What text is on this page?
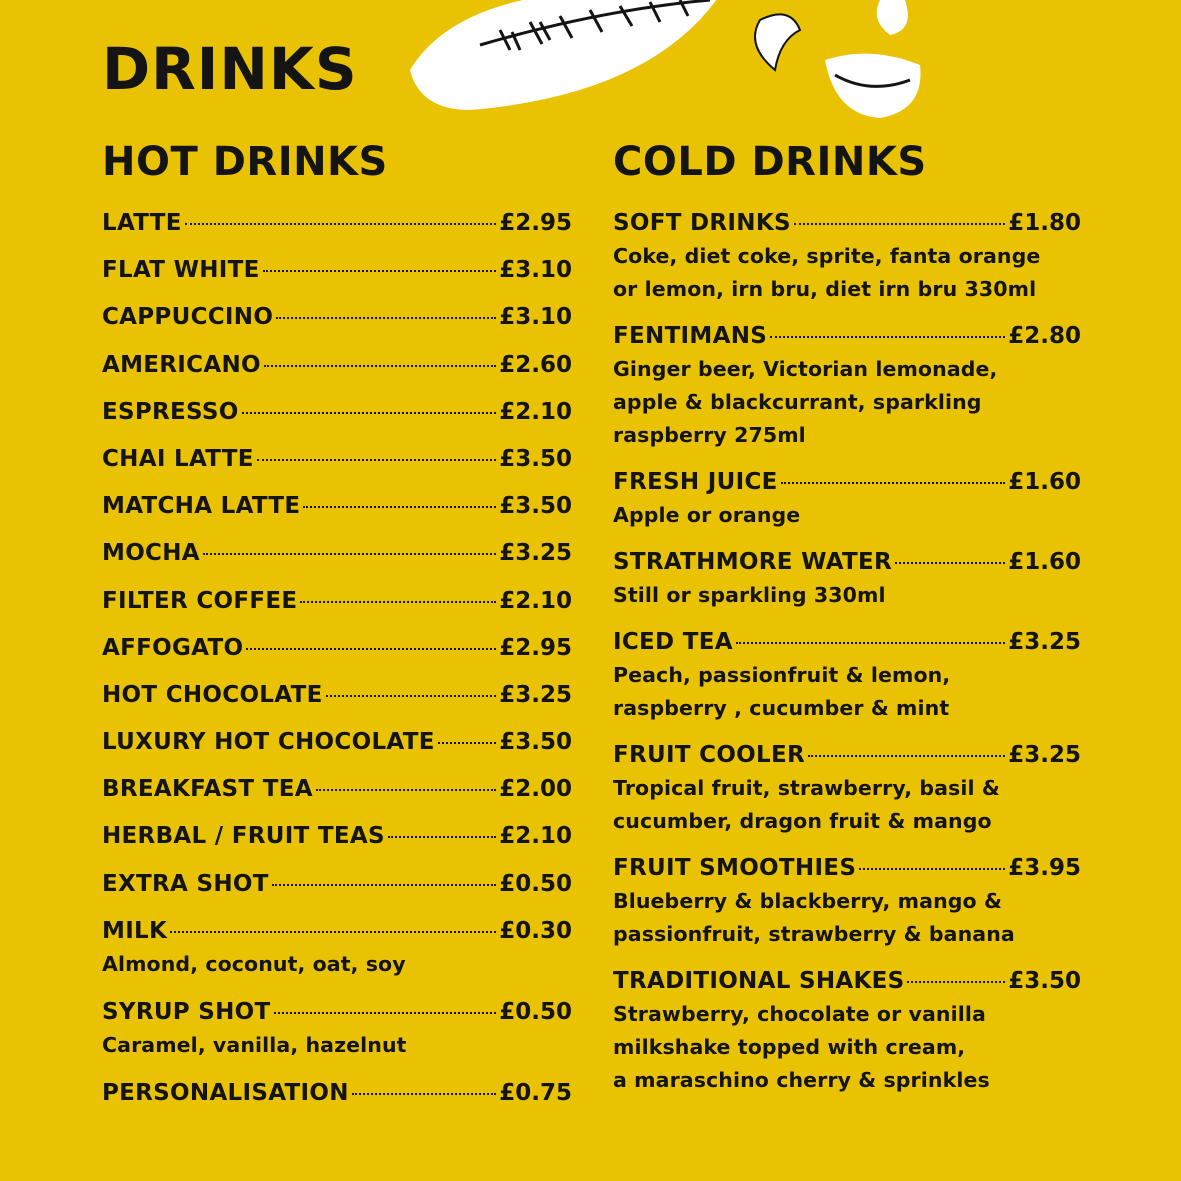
DRINKS
HOT DRINKS
LATTE	£2.95
FLAT WHITE	£3.10
CAPPUCCINO	£3.10
AMERICANO	£2.60
ESPRESSO	£2.10
CHAI LATTE	£3.50
MATCHA LATTE	£3.50
MOCHA	£3.25
FILTER COFFEE	£2.10
AFFOGATO	£2.95
HOT CHOCOLATE	£3.25
LUXURY HOT CHOCOLATE	£3.50
BREAKFAST TEA	£2.00
HERBAL / FRUIT TEAS	£2.10
EXTRA SHOT	£0.50
MILK	£0.30
Almond, coconut, oat, soy
SYRUP SHOT	£0.50
Caramel, vanilla, hazelnut
PERSONALISATION	£0.75
COLD DRINKS
SOFT DRINKS	£1.80
Coke, diet coke, sprite, fanta orange
or lemon, irn bru, diet irn bru 330ml
FENTIMANS	£2.80
Ginger beer, Victorian lemonade,
apple & blackcurrant, sparkling
raspberry 275ml
FRESH JUICE	£1.60
Apple or orange
STRATHMORE WATER	£1.60
Still or sparkling 330ml
ICED TEA	£3.25
Peach, passionfruit & lemon,
raspberry , cucumber & mint
FRUIT COOLER	£3.25
Tropical fruit, strawberry, basil &
cucumber, dragon fruit & mango
FRUIT SMOOTHIES	£3.95
Blueberry & blackberry, mango &
passionfruit, strawberry & banana
TRADITIONAL SHAKES	£3.50
Strawberry, chocolate or vanilla
milkshake topped with cream,
a maraschino cherry & sprinkles
